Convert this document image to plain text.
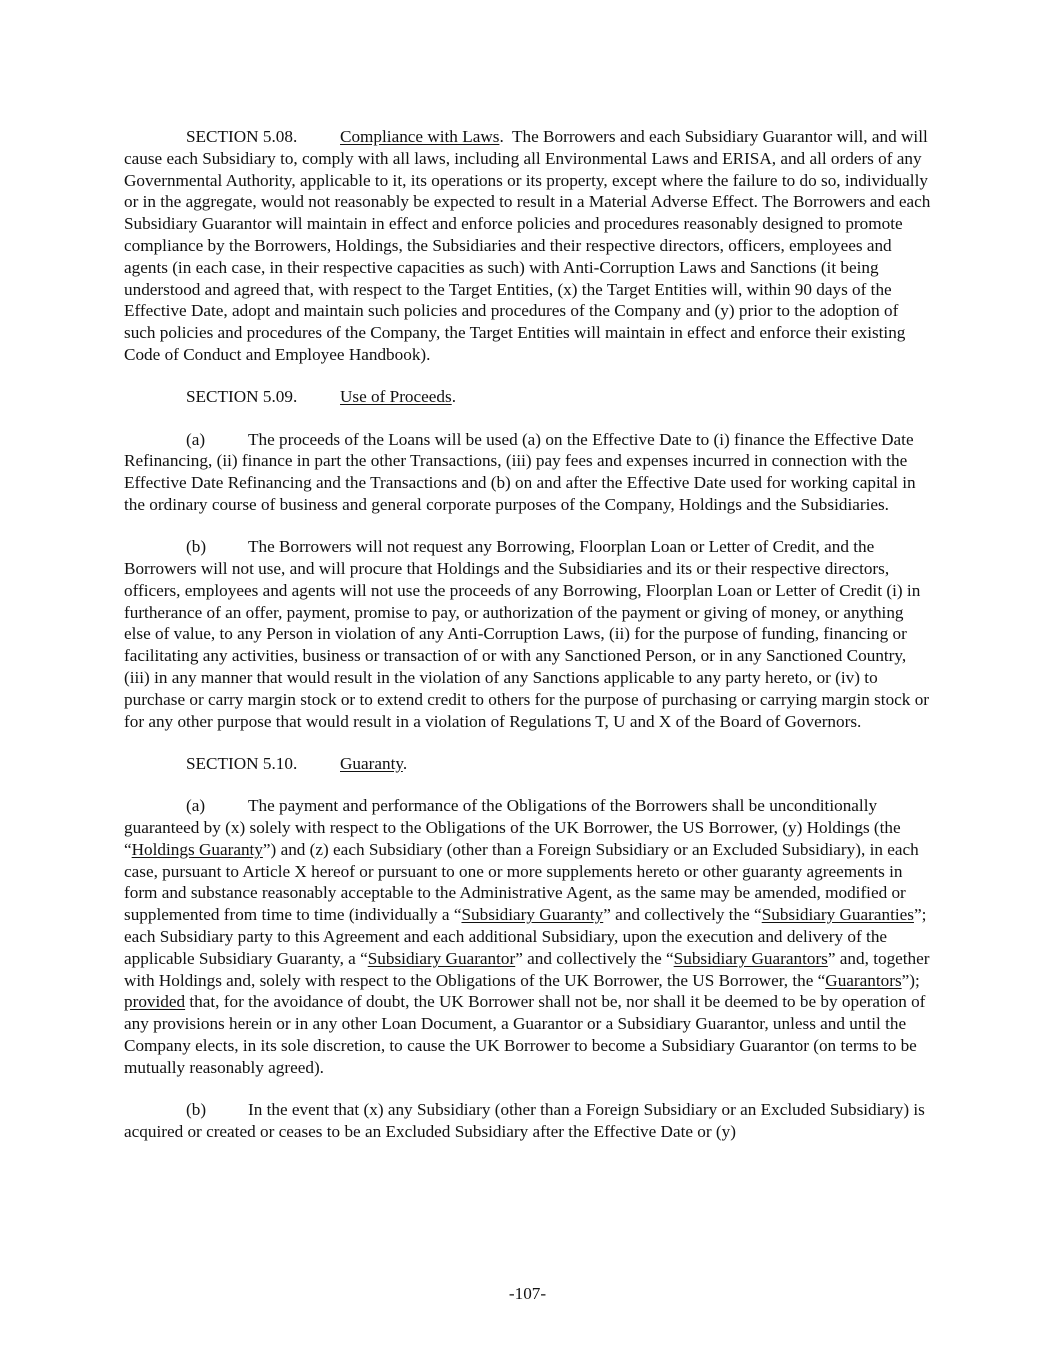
SECTION 5.08. Compliance with Laws.  The Borrowers and each Subsidiary Guarantor will, and will cause each Subsidiary to, comply with all laws, including all Environmental Laws and ERISA, and all orders of any Governmental Authority, applicable to it, its operations or its property, except where the failure to do so, individually or in the aggregate, would not reasonably be expected to result in a Material Adverse Effect. The Borrowers and each Subsidiary Guarantor will maintain in effect and enforce policies and procedures reasonably designed to promote compliance by the Borrowers, Holdings, the Subsidiaries and their respective directors, officers, employees and agents (in each case, in their respective capacities as such) with Anti-Corruption Laws and Sanctions (it being understood and agreed that, with respect to the Target Entities, (x) the Target Entities will, within 90 days of the Effective Date, adopt and maintain such policies and procedures of the Company and (y) prior to the adoption of such policies and procedures of the Company, the Target Entities will maintain in effect and enforce their existing Code of Conduct and Employee Handbook).

SECTION 5.09. Use of Proceeds.

(a) The proceeds of the Loans will be used (a) on the Effective Date to (i) finance the Effective Date Refinancing, (ii) finance in part the other Transactions, (iii) pay fees and expenses incurred in connection with the Effective Date Refinancing and the Transactions and (b) on and after the Effective Date used for working capital in the ordinary course of business and general corporate purposes of the Company, Holdings and the Subsidiaries.

(b) The Borrowers will not request any Borrowing, Floorplan Loan or Letter of Credit, and the Borrowers will not use, and will procure that Holdings and the Subsidiaries and its or their respective directors, officers, employees and agents will not use the proceeds of any Borrowing, Floorplan Loan or Letter of Credit (i) in furtherance of an offer, payment, promise to pay, or authorization of the payment or giving of money, or anything else of value, to any Person in violation of any Anti-Corruption Laws, (ii) for the purpose of funding, financing or facilitating any activities, business or transaction of or with any Sanctioned Person, or in any Sanctioned Country, (iii) in any manner that would result in the violation of any Sanctions applicable to any party hereto, or (iv) to purchase or carry margin stock or to extend credit to others for the purpose of purchasing or carrying margin stock or for any other purpose that would result in a violation of Regulations T, U and X of the Board of Governors.

SECTION 5.10. Guaranty.

(a) The payment and performance of the Obligations of the Borrowers shall be unconditionally guaranteed by (x) solely with respect to the Obligations of the UK Borrower, the US Borrower, (y) Holdings (the “Holdings Guaranty”) and (z) each Subsidiary (other than a Foreign Subsidiary or an Excluded Subsidiary), in each case, pursuant to Article X hereof or pursuant to one or more supplements hereto or other guaranty agreements in form and substance reasonably acceptable to the Administrative Agent, as the same may be amended, modified or supplemented from time to time (individually a “Subsidiary Guaranty” and collectively the “Subsidiary Guaranties”; each Subsidiary party to this Agreement and each additional Subsidiary, upon the execution and delivery of the applicable Subsidiary Guaranty, a “Subsidiary Guarantor” and collectively the “Subsidiary Guarantors” and, together with Holdings and, solely with respect to the Obligations of the UK Borrower, the US Borrower, the “Guarantors”); provided that, for the avoidance of doubt, the UK Borrower shall not be, nor shall it be deemed to be by operation of any provisions herein or in any other Loan Document, a Guarantor or a Subsidiary Guarantor, unless and until the Company elects, in its sole discretion, to cause the UK Borrower to become a Subsidiary Guarantor (on terms to be mutually reasonably agreed).

(b) In the event that (x) any Subsidiary (other than a Foreign Subsidiary or an Excluded Subsidiary) is acquired or created or ceases to be an Excluded Subsidiary after the Effective Date or (y)

-107-
